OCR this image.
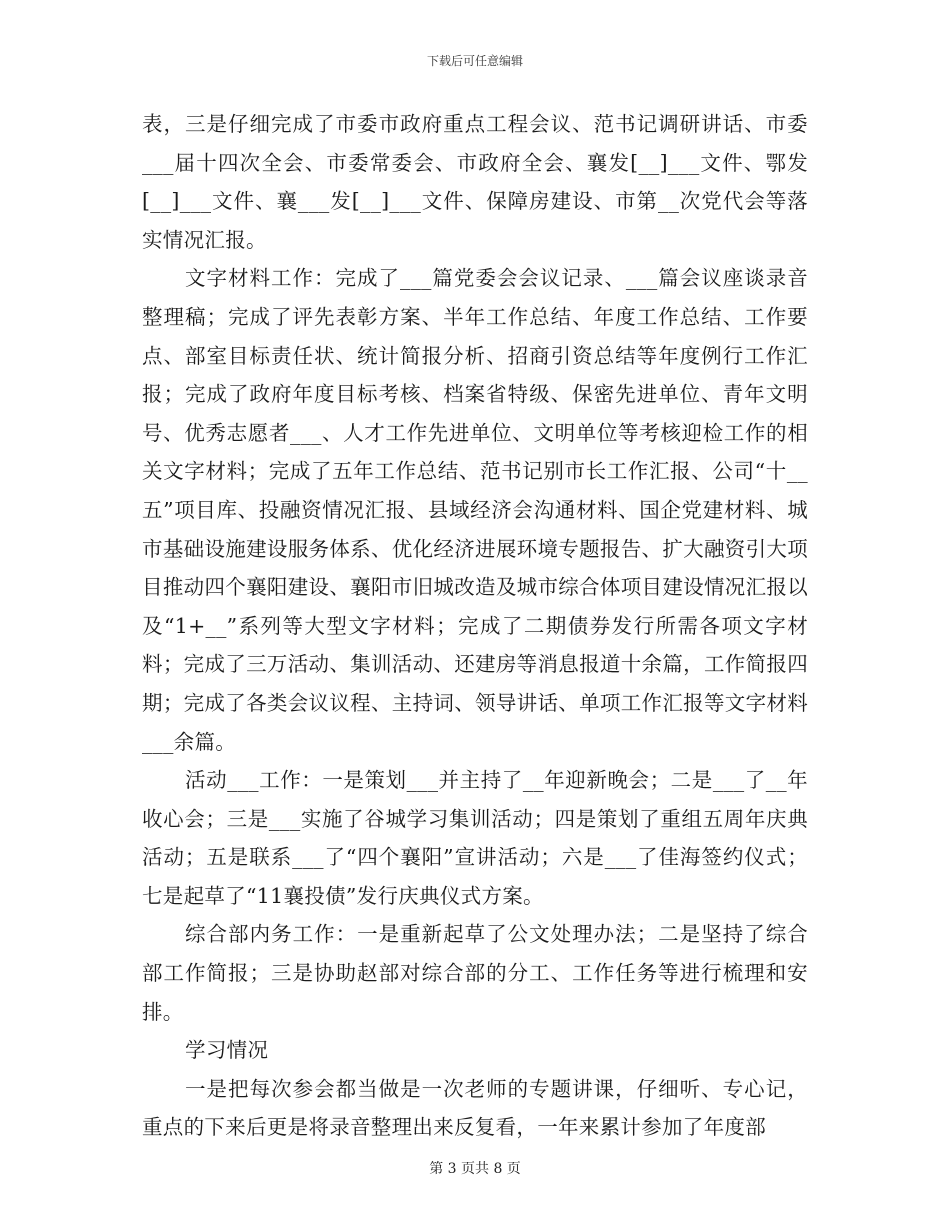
下载后可任意编辑

表，三是仔细完成了市委市政府重点工程会议、范书记调研讲话、市委___届十四次全会、市委常委会、市政府全会、襄发[__]___文件、鄂发[__]___文件、襄___发[__]___文件、保障房建设、市第__次党代会等落实情况汇报。

文字材料工作：完成了___篇党委会会议记录、___篇会议座谈录音整理稿；完成了评先表彰方案、半年工作总结、年度工作总结、工作要点、部室目标责任状、统计简报分析、招商引资总结等年度例行工作汇报；完成了政府年度目标考核、档案省特级、保密先进单位、青年文明号、优秀志愿者___、人才工作先进单位、文明单位等考核迎检工作的相关文字材料；完成了五年工作总结、范书记别市长工作汇报、公司“十__五”项目库、投融资情况汇报、县域经济会沟通材料、国企党建材料、城市基础设施建设服务体系、优化经济进展环境专题报告、扩大融资引大项目推动四个襄阳建设、襄阳市旧城改造及城市综合体项目建设情况汇报以及“1+__”系列等大型文字材料；完成了二期债券发行所需各项文字材料；完成了三万活动、集训活动、还建房等消息报道十余篇，工作简报四期；完成了各类会议议程、主持词、领导讲话、单项工作汇报等文字材料___余篇。

活动___工作：一是策划___并主持了__年迎新晚会；二是___了__年收心会；三是___实施了谷城学习集训活动；四是策划了重组五周年庆典活动；五是联系___了“四个襄阳”宣讲活动；六是___了佳海签约仪式；七是起草了“11襄投债”发行庆典仪式方案。

综合部内务工作：一是重新起草了公文处理办法；二是坚持了综合部工作简报；三是协助赵部对综合部的分工、工作任务等进行梳理和安排。

学习情况

一是把每次参会都当做是一次老师的专题讲课，仔细听、专心记，重点的下来后更是将录音整理出来反复看，一年来累计参加了年度部

第 3 页共 8 页
